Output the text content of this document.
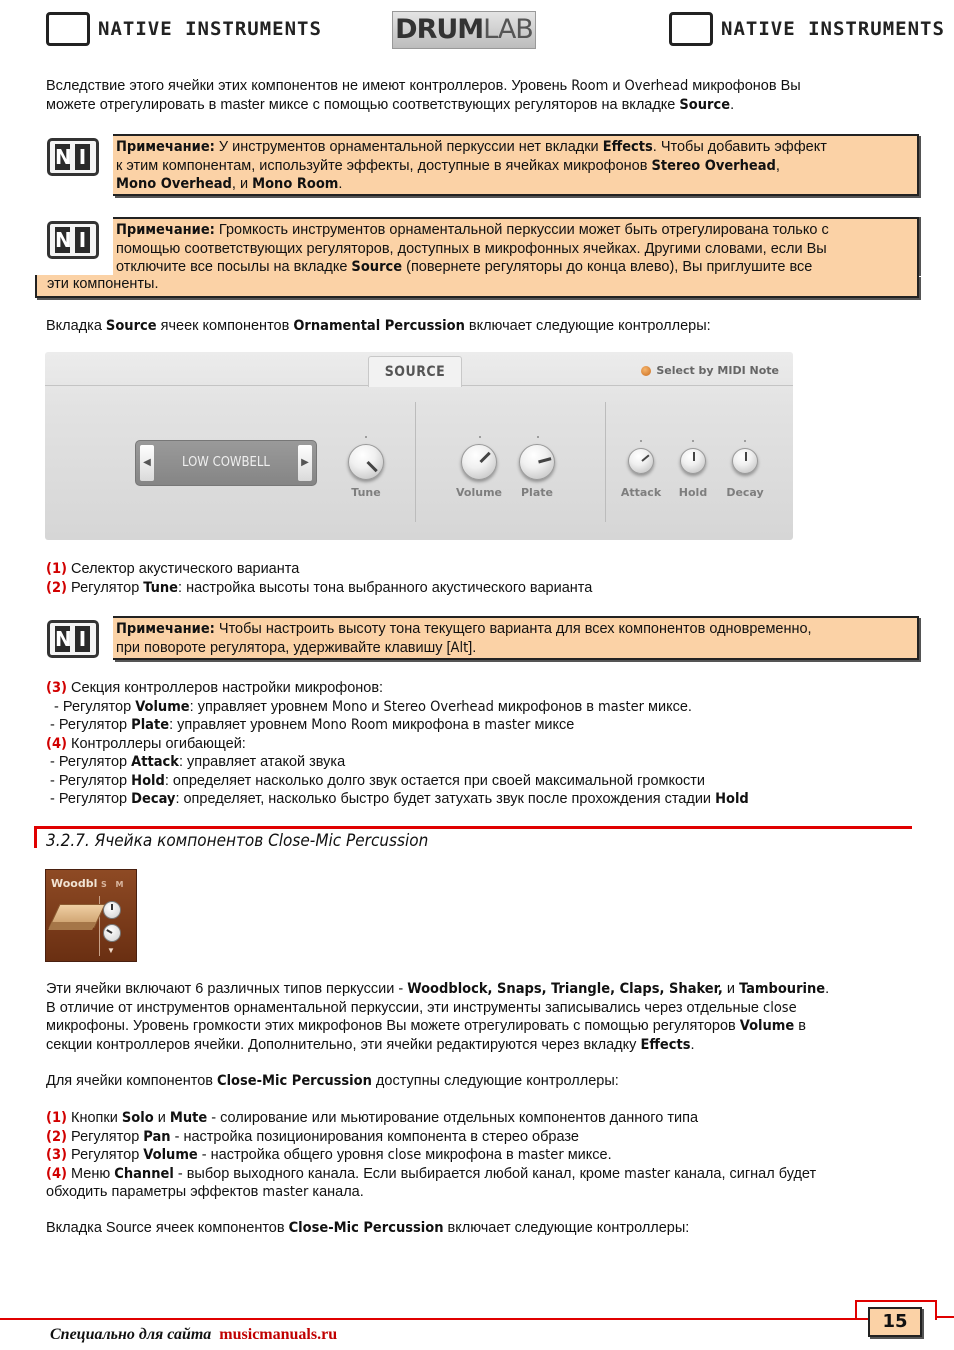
N I NATIVE INSTRUMENTS	DRUMLAB	N I NATIVE INSTRUMENTS

Вследствие этого ячейки этих компонентов не имеют контроллеров. Уровень Room и Overhead микрофонов Вы

можете отрегулировать в master миксе с помощью соответствующих регуляторов на вкладке Source.

N I Примечание: У инструментов орнаментальной перкуссии нет вкладки Effects. Чтобы добавить эффект
к этим компонентам, используйте эффекты, доступные в ячейках микрофонов Stereo Overhead,
Mono Overhead, и Mono Room.
N I Примечание: Громкость инструментов орнаментальной перкуссии может быть отрегулирована только с
помощью соответствующих регуляторов, доступных в микрофонных ячейках. Другими словами, если Вы
отключите все посылы на вкладке Source (повернете регуляторы до конца влево), Вы приглушите все
эти компоненты.

Вкладка Source ячеек компонентов Ornamental Percussion включает следующие контроллеры:

SOURCE	Select by MIDI Note
◀	LOW COWBELL	▶
Tune	Volume	Plate	Attack	Hold	Decay

(1) Селектор акустического варианта

(2) Регулятор Tune: настройка высоты тона выбранного акустического варианта

N I Примечание: Чтобы настроить высоту тона текущего варианта для всех компонентов одновременно,
при повороте регулятора, удерживайте клавишу [Alt].

(3) Секция контроллеров настройки микрофонов:

- Регулятор Volume: управляет уровнем Mono и Stereo Overhead микрофонов в master миксе.

- Регулятор Plate: управляет уровнем Mono Room микрофона в master миксе

(4) Контроллеры огибающей:

- Регулятор Attack: управляет атакой звука

- Регулятор Hold: определяет насколько долго звук остается при своей максимальной громкости

- Регулятор Decay: определяет, насколько быстро будет затухать звук после прохождения стадии Hold

3.2.7. Ячейка компонентов Close-Mic Percussion
Woodbl S M
▼

Эти ячейки включают 6 различных типов перкуссии - Woodblock, Snaps, Triangle, Claps, Shaker, и Tambourine.

В отличие от инструментов орнаментальной перкуссии, эти инструменты записывались через отдельные close

микрофоны. Уровень громкости этих микрофонов Вы можете отрегулировать с помощью регуляторов Volume в

секции контроллеров ячейки. Дополнительно, эти ячейки редактируются через вкладку Effects.

Для ячейки компонентов Close-Mic Percussion доступны следующие контроллеры:

(1) Кнопки Solo и Mute - солирование или мьютирование отдельных компонентов данного типа

(2) Регулятор Pan - настройка позиционирования компонента в стерео образе

(3) Регулятор Volume - настройка общего уровня close микрофона в master миксе.

(4) Меню Channel - выбор выходного канала. Если выбирается любой канал, кроме master канала, сигнал будет

обходить параметры эффектов master канала.

Вкладка Source ячеек компонентов Close-Mic Percussion включает следующие контроллеры:

15
Специально для сайта musicmanuals.ru
